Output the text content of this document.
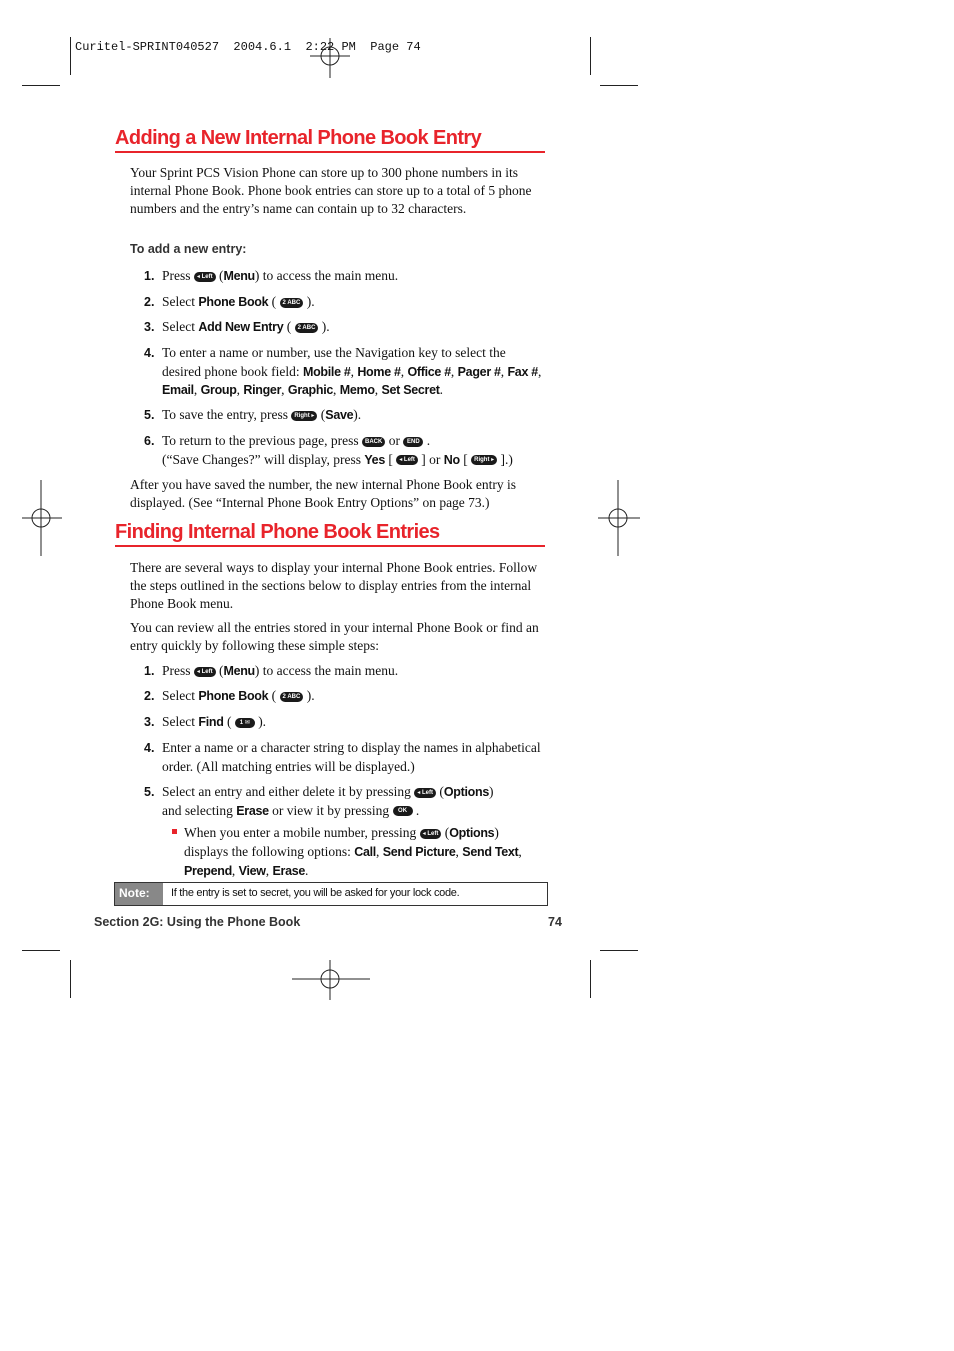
Curitel-SPRINT040527  2004.6.1  2:22 PM  Page 74
Adding a New Internal Phone Book Entry
Your Sprint PCS Vision Phone can store up to 300 phone numbers in its internal Phone Book. Phone book entries can store up to a total of 5 phone numbers and the entry’s name can contain up to 32 characters.
To add a new entry:
1. Press ◂ Left (Menu) to access the main menu.
2. Select Phone Book ( 2 ABC ).
3. Select Add New Entry ( 2 ABC ).
4. To enter a name or number, use the Navigation key to select the desired phone book field: Mobile #, Home #, Office #, Pager #, Fax #, Email, Group, Ringer, Graphic, Memo, Set Secret.
5. To save the entry, press Right ▸ (Save).
6. To return to the previous page, press BACK or END .
(“Save Changes?” will display, press Yes [ ◂ Left ] or No [ Right ▸ ].)
After you have saved the number, the new internal Phone Book entry is displayed. (See “Internal Phone Book Entry Options” on page 73.)
Finding Internal Phone Book Entries
There are several ways to display your internal Phone Book entries. Follow the steps outlined in the sections below to display entries from the internal Phone Book menu.
You can review all the entries stored in your internal Phone Book or find an entry quickly by following these simple steps:
1. Press ◂ Left (Menu) to access the main menu.
2. Select Phone Book ( 2 ABC ).
3. Select Find ( 1 ✉ ).
4. Enter a name or a character string to display the names in alphabetical order. (All matching entries will be displayed.)
5. Select an entry and either delete it by pressing ◂ Left (Options)
and selecting Erase or view it by pressing OK .
When you enter a mobile number, pressing ◂ Left (Options) displays the following options: Call, Send Picture, Send Text, Prepend, View, Erase.
Note:	If the entry is set to secret, you will be asked for your lock code.
Section 2G: Using the Phone Book	74
